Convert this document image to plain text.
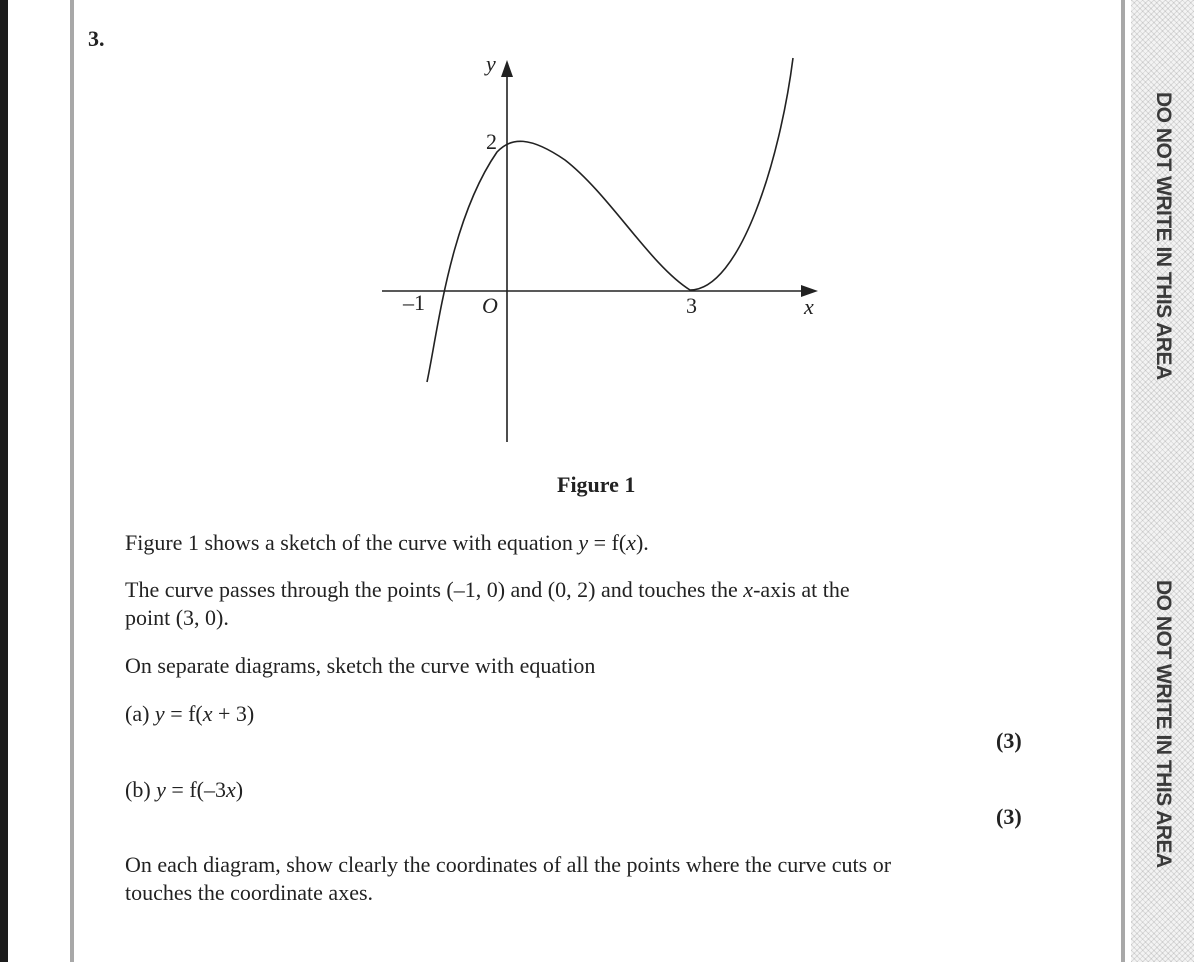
DO NOT WRITE IN THIS AREA
DO NOT WRITE IN THIS AREA
3.
y
x
O
–1	3
2
Figure 1

Figure 1 shows a sketch of the curve with equation y = f(x).

The curve passes through the points (–1, 0) and (0, 2) and touches the x-axis at the
point (3, 0).

On separate diagrams, sketch the curve with equation

(a) y = f(x + 3)

(3)

(b) y = f(–3x)

(3)

On each diagram, show clearly the coordinates of all the points where the curve cuts or
touches the coordinate axes.
